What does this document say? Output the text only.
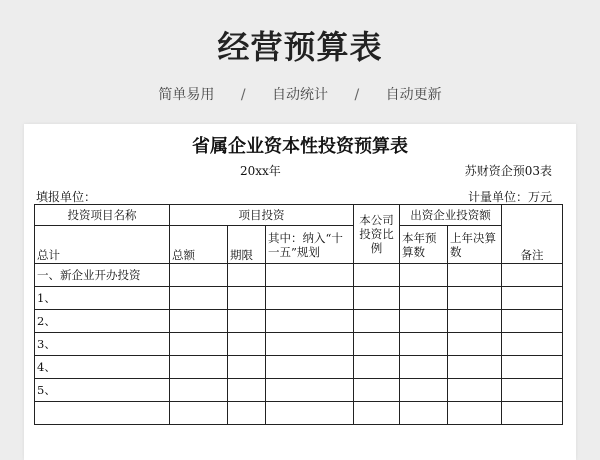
经营预算表
简单易用 / 自动统计 / 自动更新
省属企业资本性投资预算表
20xx年	苏财资企预03表
填报单位：	计量单位：万元
投资项目名称	项目投资			本公司投资比例	出资企业投资额		备注
总计	总额	期限	其中：纳入“十一五”规划		本年预算数	上年决算数	
一、新企业开办投资							
1、							
2、							
3、							
4、							
5、							
